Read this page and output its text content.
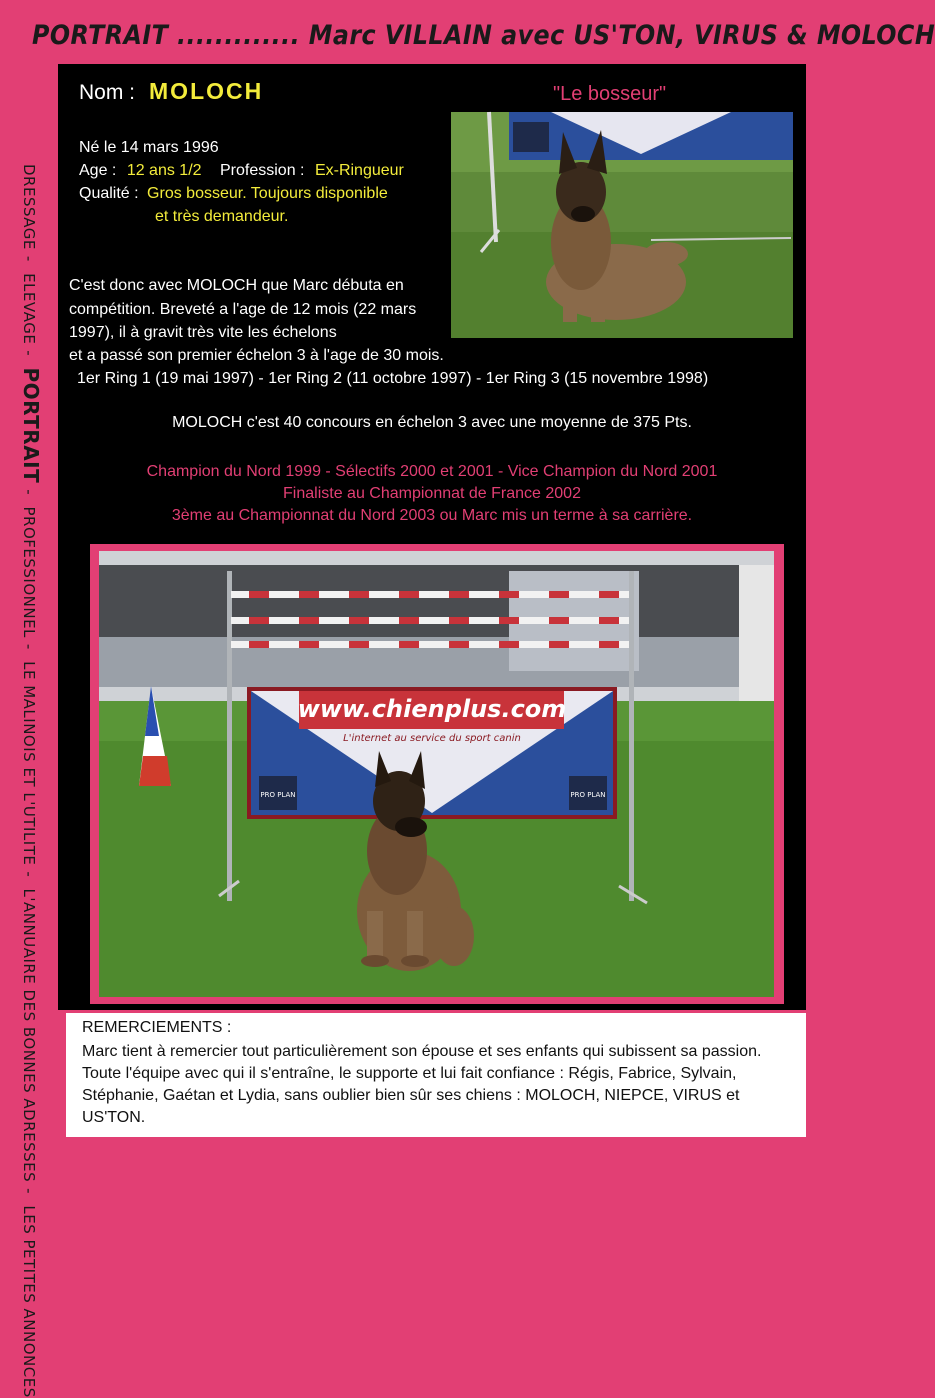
PORTRAIT ............. Marc VILLAIN avec US'TON, VIRUS & MOLOCH
DRESSAGE- ELEVAGE- PORTRAIT- PROFESSIONNEL- LE MALINOIS ET L'UTILITE- L'ANNUAIRE DES BONNES ADRESSES- LES PETITES ANNONCES
Nom : MOLOCH	"Le bosseur"
Né le 14 mars 1996
Age : 12 ans 1/2 Profession : Ex-Ringueur
Qualité : Gros bosseur. Toujours disponible
et très demandeur.
C'est donc avec MOLOCH que Marc débuta en compétition. Breveté a l'age de 12 mois (22 mars 1997), il à gravit très vite les échelons
et a passé son premier échelon 3 à l'age de 30 mois.
1er Ring 1 (19 mai 1997) - 1er Ring 2 (11 octobre 1997) - 1er Ring 3 (15 novembre 1998)
MOLOCH c'est 40 concours en échelon 3 avec une moyenne de 375 Pts.
Champion du Nord 1999 - Sélectifs 2000 et 2001 - Vice Champion du Nord 2001
Finaliste au Championnat de France 2002
3ème au Championnat du Nord 2003 ou Marc mis un terme à sa carrière.
www.chienplus.com
L'internet au service du sport canin
PRO PLAN	PRO PLAN
REMERCIEMENTS :
Marc tient à remercier tout particulièrement son épouse et ses enfants qui subissent sa passion. Toute l'équipe avec qui il s'entraîne, le supporte et lui fait confiance : Régis, Fabrice, Sylvain, Stéphanie, Gaétan et Lydia, sans oublier bien sûr ses chiens : MOLOCH, NIEPCE, VIRUS et US'TON.
